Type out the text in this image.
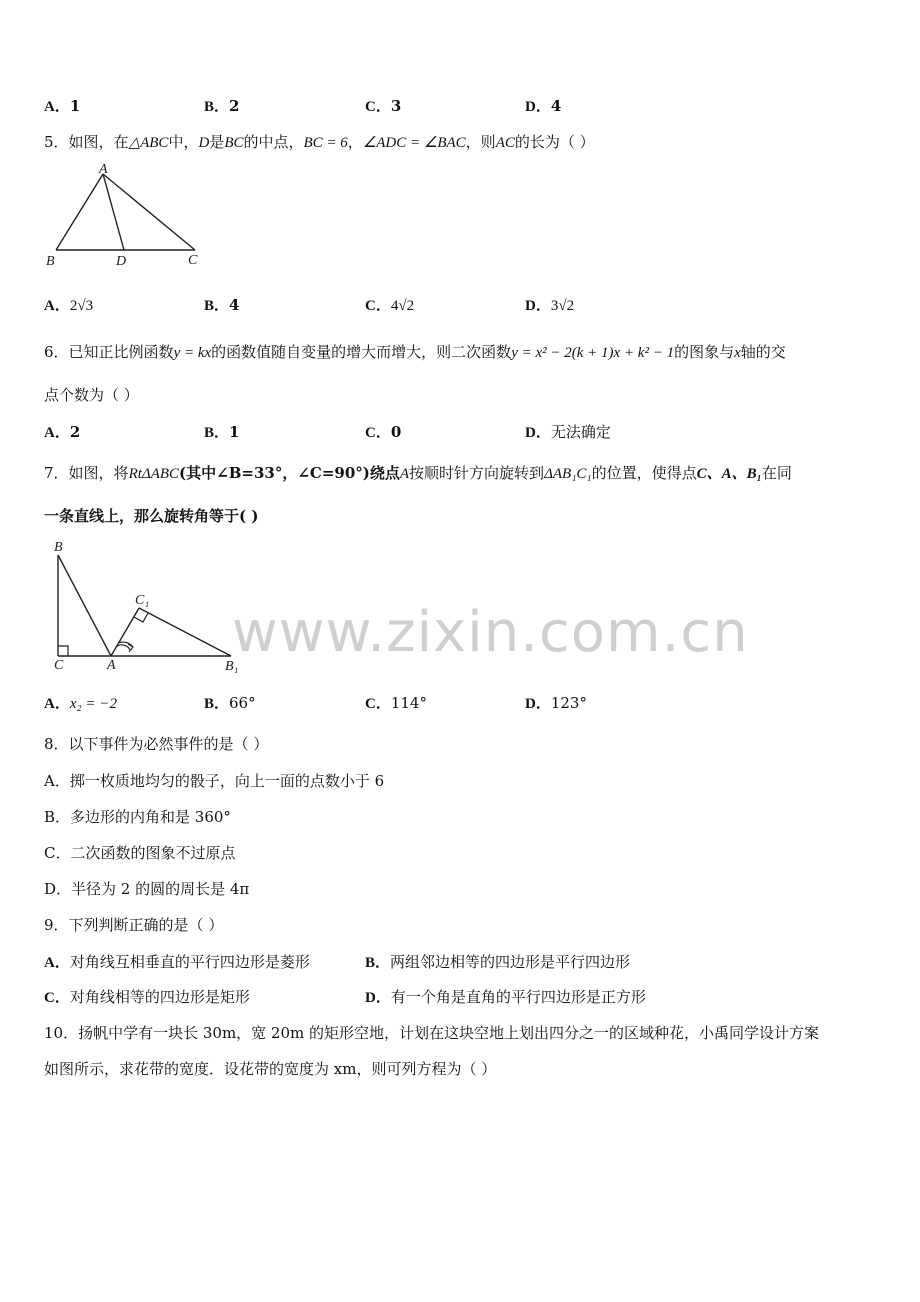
A．1	B．2	C．3	D．4
5．如图，在△ABC中，D是BC的中点，BC = 6，∠ADC = ∠BAC，则AC的长为（ ）
A
B	D	C
A．2√3	B．4	C．4√2	D．3√2
6．已知正比例函数y = kx的函数值随自变量的增大而增大，则二次函数y = x² − 2(k + 1)x + k² − 1的图象与x轴的交
点个数为（ ）
A．2	B．1	C．0	D．无法确定
7．如图，将RtΔABC(其中∠B=33°，∠C=90°)绕点A按顺时针方向旋转到ΔAB₁C₁的位置，使得点C、A、B₁在同
一条直线上，那么旋转角等于( )
B
C	A
C₁
B₁
www.zixin.com.cn
A．x₂ = −2	B．66°	C．114°	D．123°
8．以下事件为必然事件的是（ ）
A．掷一枚质地均匀的骰子，向上一面的点数小于 6
B．多边形的内角和是 360°
C．二次函数的图象不过原点
D．半径为 2 的圆的周长是 4π
9．下列判断正确的是（ ）
A．对角线互相垂直的平行四边形是菱形	B．两组邻边相等的四边形是平行四边形
C．对角线相等的四边形是矩形	D．有一个角是直角的平行四边形是正方形
10．扬帆中学有一块长 30m，宽 20m 的矩形空地，计划在这块空地上划出四分之一的区域种花，小禹同学设计方案
如图所示，求花带的宽度．设花带的宽度为 xm，则可列方程为（ ）
